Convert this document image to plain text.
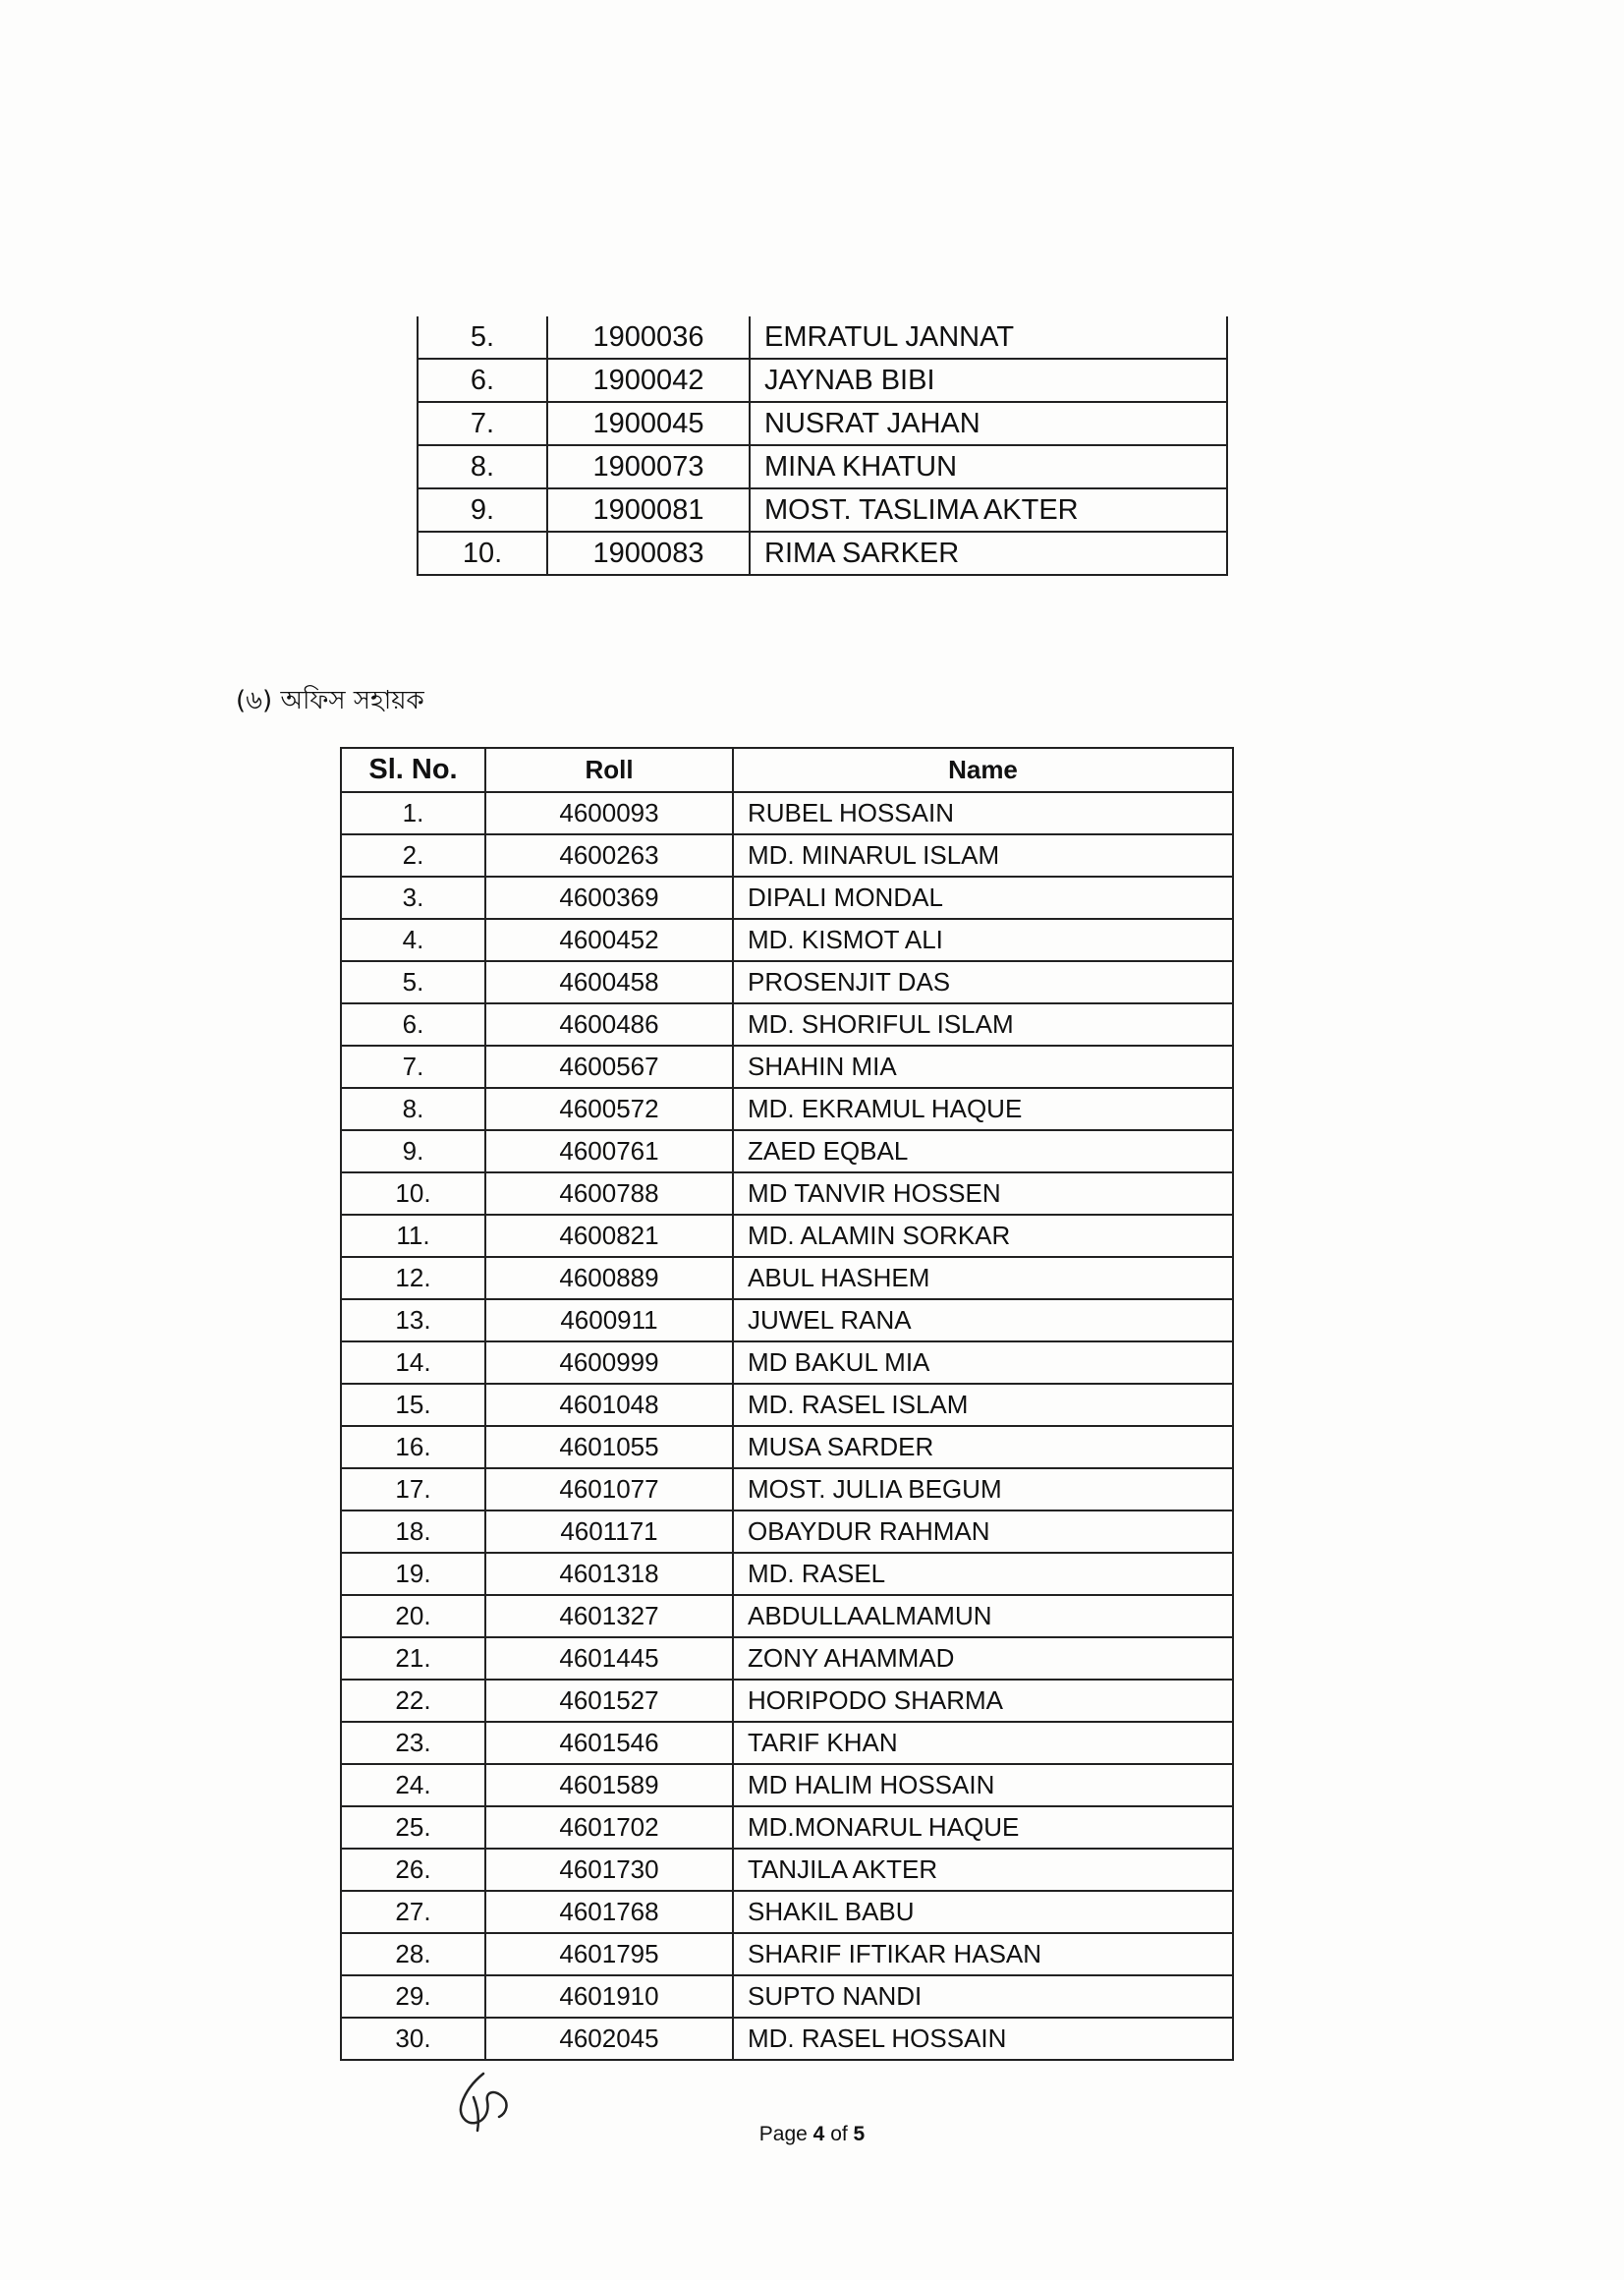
5.	1900036	EMRATUL JANNAT
6.	1900042	JAYNAB BIBI
7.	1900045	NUSRAT JAHAN
8.	1900073	MINA KHATUN
9.	1900081	MOST. TASLIMA AKTER
10.	1900083	RIMA SARKER
(৬) অফিস সহায়ক
Sl. No.	Roll	Name
1.	4600093	RUBEL HOSSAIN
2.	4600263	MD. MINARUL ISLAM
3.	4600369	DIPALI MONDAL
4.	4600452	MD. KISMOT ALI
5.	4600458	PROSENJIT DAS
6.	4600486	MD. SHORIFUL ISLAM
7.	4600567	SHAHIN MIA
8.	4600572	MD. EKRAMUL HAQUE
9.	4600761	ZAED EQBAL
10.	4600788	MD TANVIR HOSSEN
11.	4600821	MD. ALAMIN SORKAR
12.	4600889	ABUL HASHEM
13.	4600911	JUWEL RANA
14.	4600999	MD BAKUL MIA
15.	4601048	MD. RASEL ISLAM
16.	4601055	MUSA SARDER
17.	4601077	MOST. JULIA BEGUM
18.	4601171	OBAYDUR RAHMAN
19.	4601318	MD. RASEL
20.	4601327	ABDULLAALMAMUN
21.	4601445	ZONY AHAMMAD
22.	4601527	HORIPODO SHARMA
23.	4601546	TARIF KHAN
24.	4601589	MD HALIM HOSSAIN
25.	4601702	MD.MONARUL HAQUE
26.	4601730	TANJILA AKTER
27.	4601768	SHAKIL BABU
28.	4601795	SHARIF IFTIKAR HASAN
29.	4601910	SUPTO NANDI
30.	4602045	MD. RASEL HOSSAIN
Page 4 of 5
